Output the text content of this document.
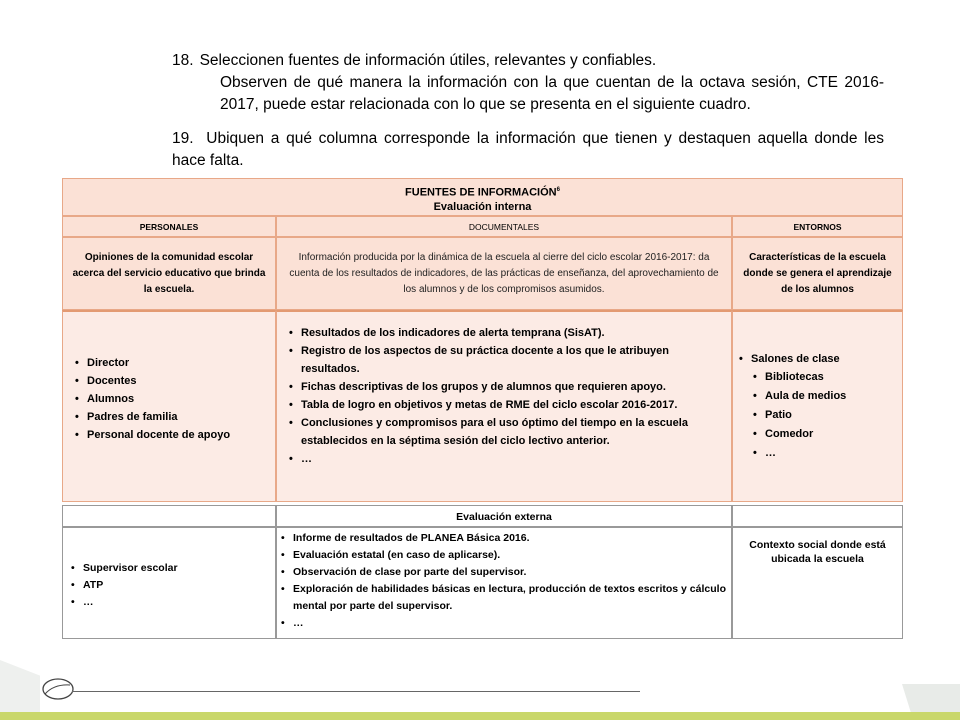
18. Seleccionen fuentes de información útiles, relevantes y confiables.
Observen de qué manera la información con la que cuentan de la octava sesión, CTE 2016-2017, puede estar relacionada con lo que se presenta en el siguiente cuadro.
19. Ubiquen a qué columna corresponde la información que tienen y destaquen aquella donde les hace falta.
FUENTES DE INFORMACIÓN$^6$
Evaluación interna
PERSONALES	DOCUMENTALES	ENTORNOS
Opiniones de la comunidad escolar acerca del servicio educativo que brinda la escuela.
Información producida por la dinámica de la escuela al cierre del ciclo escolar 2016-2017: da cuenta de los resultados de indicadores, de las prácticas de enseñanza, del aprovechamiento de los alumnos y de los compromisos asumidos.
Características de la escuela donde se genera el aprendizaje de los alumnos
• Director
• Docentes
• Alumnos
• Padres de familia
• Personal docente de apoyo
• Resultados de los indicadores de alerta temprana (SisAT).
• Registro de los aspectos de su práctica docente a los que le atribuyen resultados.
• Fichas descriptivas de los grupos y de alumnos que requieren apoyo.
• Tabla de logro en objetivos y metas de RME del ciclo escolar 2016-2017.
• Conclusiones y compromisos para el uso óptimo del tiempo en la escuela establecidos en la séptima sesión del ciclo lectivo anterior.
• …
• Salones de clase
• Bibliotecas
• Aula de medios
• Patio
• Comedor
• …
Evaluación externa
• Supervisor escolar
• ATP
• …
• Informe de resultados de PLANEA Básica 2016.
• Evaluación estatal (en caso de aplicarse).
• Observación de clase por parte del supervisor.
• Exploración de habilidades básicas en lectura, producción de textos escritos y cálculo mental por parte del supervisor.
• …
Contexto social donde está ubicada la escuela
